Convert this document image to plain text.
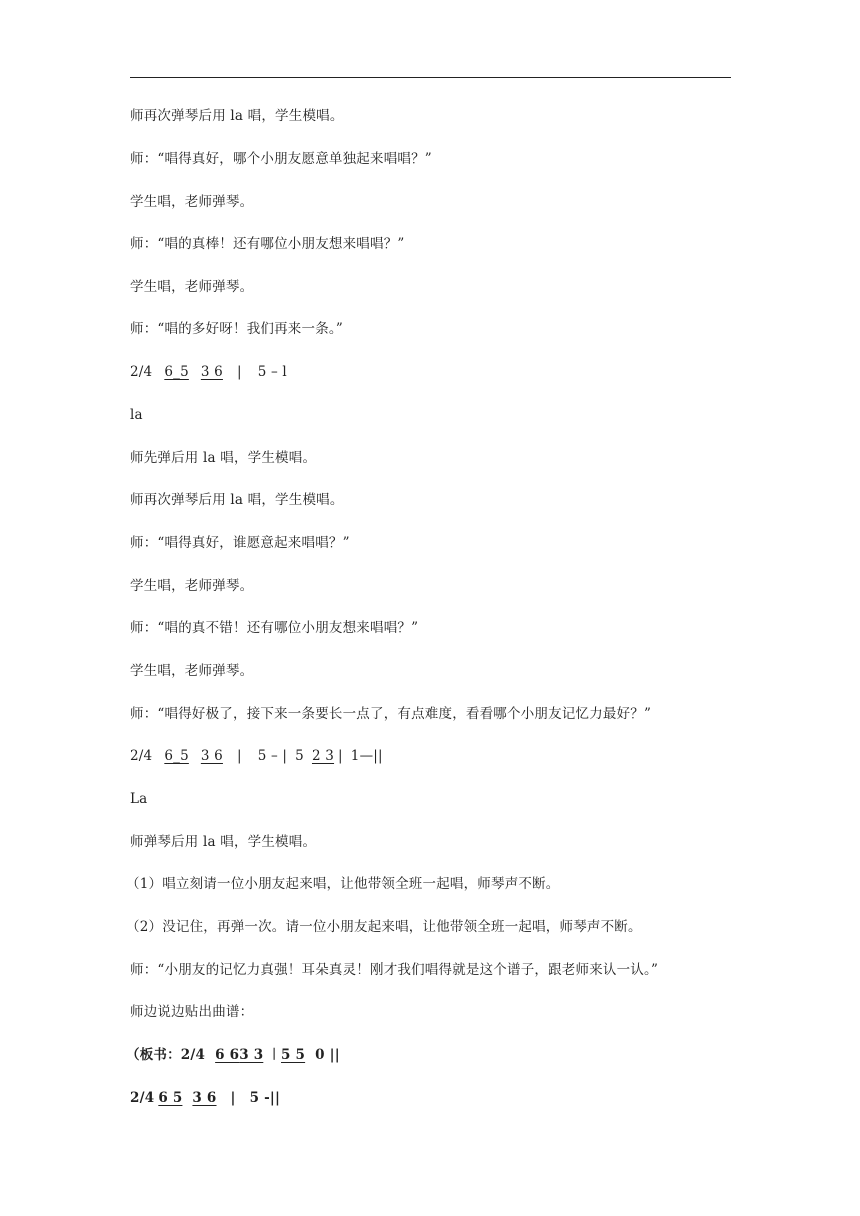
师再次弹琴后用 la 唱，学生模唱。
师：“唱得真好，哪个小朋友愿意单独起来唱唱？”
学生唱，老师弹琴。
师：“唱的真棒！还有哪位小朋友想来唱唱？”
学生唱，老师弹琴。
师：“唱的多好呀！我们再来一条。”
2/4 6_5 3 6 | 5 – l
la
师先弹后用 la 唱，学生模唱。
师再次弹琴后用 la 唱，学生模唱。
师：“唱得真好，谁愿意起来唱唱？”
学生唱，老师弹琴。
师：“唱的真不错！还有哪位小朋友想来唱唱？”
学生唱，老师弹琴。
师：“唱得好极了，接下来一条要长一点了，有点难度，看看哪个小朋友记忆力最好？”
2/4 6_5 3 6 | 5 – | 5 2 3 | 1—||
La
师弹琴后用 la 唱，学生模唱。
（1）唱立刻请一位小朋友起来唱，让他带领全班一起唱，师琴声不断。
（2）没记住，再弹一次。请一位小朋友起来唱，让他带领全班一起唱，师琴声不断。
师：“小朋友的记忆力真强！耳朵真灵！刚才我们唱得就是这个谱子，跟老师来认一认。”
师边说边贴出曲谱：
（板书：2/4 6 63 3 ︱5 5 0 ||
2/4 6 5 3 6 | 5 -||
